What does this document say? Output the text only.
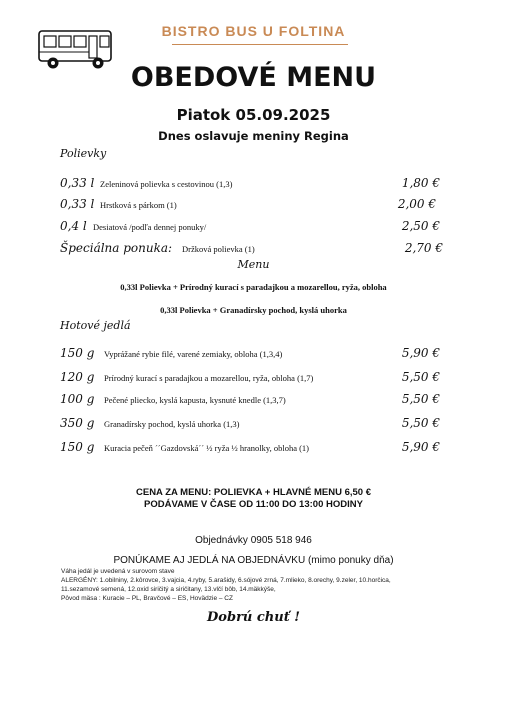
BISTRO BUS U FOLTINA
OBEDOVÉ MENU
Piatok 05.09.2025
Dnes oslavuje meniny Regina
Polievky
0,33 l Zeleninová polievka s cestovinou (1,3)	1,80 €
0,33 l Hrstková s párkom (1)	2,00 €
0,4 l Desiatová /podľa dennej ponuky/	2,50 €
Špeciálna ponuka: Držková polievka (1)	2,70 €
Menu
0,33l Polievka + Prírodný kurací s paradajkou a mozarellou, ryža, obloha
0,33l Polievka + Granadírsky pochod, kyslá uhorka
Hotové jedlá
150 g Vyprážané rybie filé, varené zemiaky, obloha (1,3,4)	5,90 €
120 g Prírodný kurací s paradajkou a mozarellou, ryža, obloha (1,7)	5,50 €
100 g Pečené pliecko, kyslá kapusta, kysnuté knedle (1,3,7)	5,50 €
350 g Granadírsky pochod, kyslá uhorka (1,3)	5,50 €
150 g Kuracia pečeň ´´Gazdovská´´ ½ ryža ½ hranolky, obloha (1)	5,90 €
CENA ZA MENU: POLIEVKA + HLAVNÉ MENU 6,50 €
PODÁVAME V ČASE OD 11:00 DO 13:00 HODINY
Objednávky 0905 518 946
PONÚKAME AJ JEDLÁ NA OBJEDNÁVKU (mimo ponuky dňa)
Váha jedál je uvedená v surovom stave
ALERGÉNY: 1.obilniny, 2.kôrovce, 3.vajcia, 4.ryby, 5.arašidy, 6.sójové zrná, 7.mlieko, 8.orechy, 9.zeler, 10.horčica,
11.sezamové semená, 12.oxid siričitý a siričitany, 13.vlčí bôb, 14.mäkkýše,
Pôvod mäsa : Kuracie – PL, Bravčové – ES, Hovädzie – CZ
Dobrú chuť !
